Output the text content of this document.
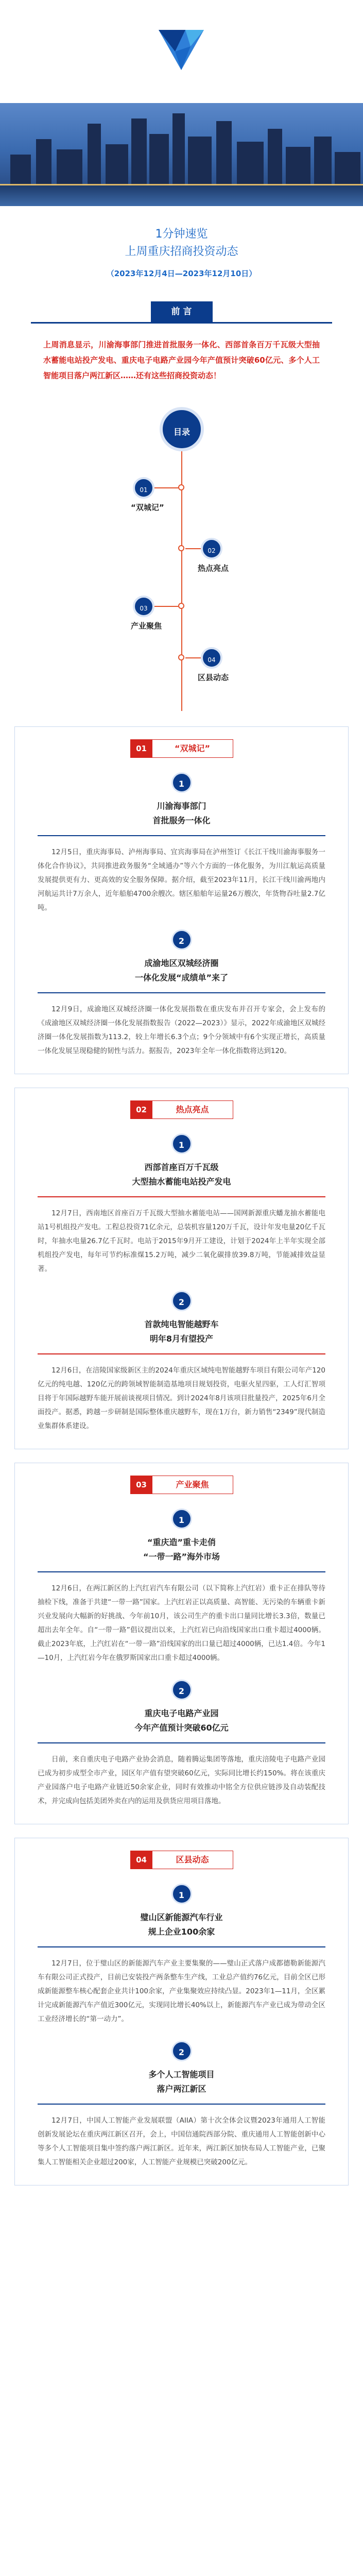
1分钟速览
上周重庆招商投资动态
（2023年12月4日—2023年12月10日）
前 言
上周消息显示，川渝海事部门推进首批服务一体化、西部首条百万千瓦级大型抽水蓄能电站投产发电、重庆电子电路产业园今年产值预计突破60亿元、多个人工智能项目落户两江新区……还有这些招商投资动态！
目录
01
“双城记”
02
热点亮点
03
产业聚焦
04
区县动态
01	“双城记”
1
川渝海事部门
首批服务一体化
12月5日，重庆海事局、泸州海事局、宜宾海事局在泸州签订《长江干线川渝海事服务一体化合作协议》，共同推进政务服务“全域通办”等六个方面的一体化服务，为川江航运高质量发展提供更有力、更高效的安全服务保障。据介绍，截至2023年11月，长江干线川渝两地内河航运共计7万余人，近年船舶4700余艘次。辖区船舶年运量26万艘次，年货物吞吐量2.7亿吨。
2
成渝地区双城经济圈
一体化发展“成绩单”来了
12月9日，成渝地区双城经济圈一体化发展指数在重庆发布并召开专家会，会上发布的《成渝地区双城经济圈一体化发展指数报告（2022—2023）》显示，2022年成渝地区双城经济圈一体化发展指数为113.2，较上年增长6.3个点；9个分领域中有6个实现正增长，高质量一体化发展呈现稳健的韧性与活力。据报告，2023年全年一体化指数将达到120。
02	热点亮点
1
西部首座百万千瓦级
大型抽水蓄能电站投产发电
12月7日，西南地区首座百万千瓦级大型抽水蓄能电站——国网新源重庆蟠龙抽水蓄能电站1号机组投产发电。工程总投资71亿余元，总装机容量120万千瓦，设计年发电量20亿千瓦时，年抽水电量26.7亿千瓦时。电站于2015年9月开工建设，计划于2024年上半年实现全部机组投产发电，每年可节约标准煤15.2万吨，减少二氧化碳排放39.8万吨，节能减排效益显著。
2
首款纯电智能越野车
明年8月有望投产
12月6日，在涪陵国家级新区主的2024年重庆区域纯电智能越野车项目有限公司年产120亿元的纯电越、120亿元的跨领域智能制造基地项目规划投资，电驱火星四驱，工人灯汇智项目将于年国际越野车能开展前谈视项目情况。到计2024年8月该项目批量投产，2025年6月全面投产。据悉，跨越一步研制是国际整体重庆越野车，现在1万台，新力销售“2349”现代制造业集群体系建设。
03	产业聚焦
1
“重庆造”重卡走俏
“一带一路”海外市场
12月6日，在两江新区的上汽红岩汽车有限公司（以下简称上汽红岩）重卡正在排队等待抽检下线，准备于共建“一带一路”国家。上汽红岩正以高质量、高智能、无污染的车辆重卡新兴业发展向大幅新的好挑战、今年前10月，该公司生产的重卡出口量同比增长3.3倍，数量已超出去年全年。自“一带一路”倡议提出以来，上汽红岩已向沿线国家出口重卡超过4000辆。截止2023年底，上汽红岩在“一带一路”沿线国家的出口量已超过4000辆，已达1.4倍。今年1—10月，上汽红岩今年在俄罗斯国家出口重卡超过4000辆。
2
重庆电子电路产业园
今年产值预计突破60亿元
日前，来自重庆电子电路产业协会消息，随着腾运集团等落地，重庆涪陵电子电路产业园已成为初步成型全市产业，园区年产值有望突破60亿元，实际同比增长约150%。将在该重庆产业园落户电子电路产业链近50余家企业，同时有效推动中铭全方位供应链涉及自动装配技术，并完成向包括美团外卖在内的运用及供货应用项目落地。
04	区县动态
1
璧山区新能源汽车行业
规上企业100余家
12月7日，位于璧山区的新能源汽车产业主要集聚的——璧山正式落户成都德勒新能源汽车有限公司正式投产，目前已安装投产两条整车生产线，工业总产值约76亿元，目前全区已形成新能源整车核心配套企业共计100余家，产业集聚效应持续凸显。2023年1—11月，全区累计完成新能源汽车产值近300亿元，实现同比增长40%以上，新能源汽车产业已成为带动全区工业经济增长的“第一动力”。
2
多个人工智能项目
落户两江新区
12月7日，中国人工智能产业发展联盟（AIIA）第十次全体会议暨2023年通用人工智能创新发展论坛在重庆两江新区召开，会上，中国信通院西部分院、重庆通用人工智能创新中心等多个人工智能项目集中签约落户两江新区。近年来，两江新区加快布局人工智能产业，已聚集人工智能相关企业超过200家，人工智能产业规模已突破200亿元。
